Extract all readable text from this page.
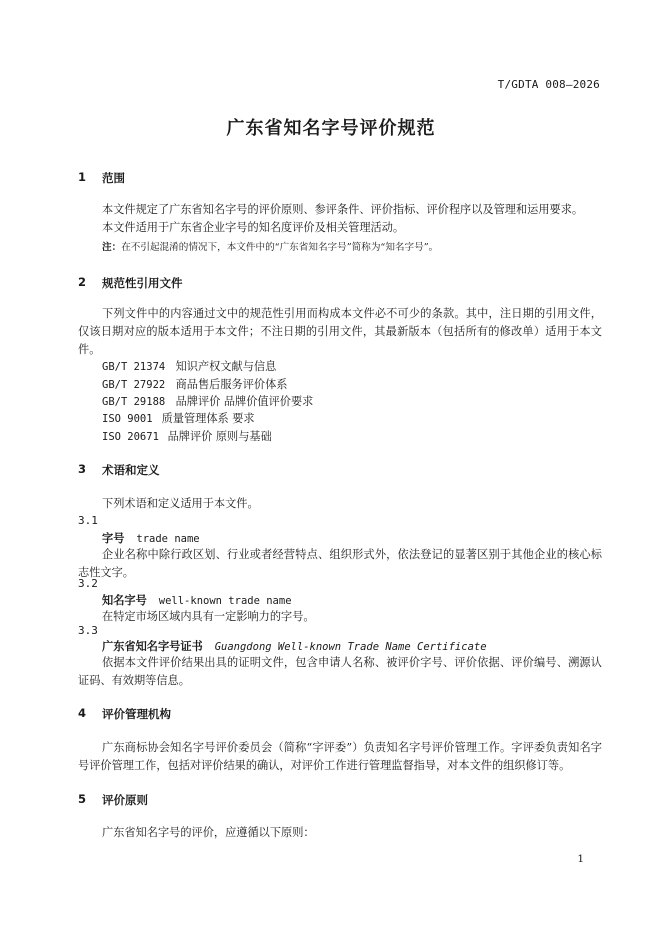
T/GDTA 008—2026
广东省知名字号评价规范
1 范围
本文件规定了广东省知名字号的评价原则、参评条件、评价指标、评价程序以及管理和运用要求。
本文件适用于广东省企业字号的知名度评价及相关管理活动。
注：在不引起混淆的情况下，本文件中的“广东省知名字号”简称为“知名字号”。
2 规范性引用文件
下列文件中的内容通过文中的规范性引用而构成本文件必不可少的条款。其中，注日期的引用文件，仅该日期对应的版本适用于本文件；不注日期的引用文件，其最新版本（包括所有的修改单）适用于本文件。
GB/T 21374 知识产权文献与信息
GB/T 27922 商品售后服务评价体系
GB/T 29188 品牌评价 品牌价值评价要求
ISO 9001 质量管理体系 要求
ISO 20671 品牌评价 原则与基础
3 术语和定义
下列术语和定义适用于本文件。
3.1
字号 trade name
企业名称中除行政区划、行业或者经营特点、组织形式外，依法登记的显著区别于其他企业的核心标志性文字。
3.2
知名字号 well-known trade name
在特定市场区域内具有一定影响力的字号。
3.3
广东省知名字号证书 Guangdong Well-known Trade Name Certificate
依据本文件评价结果出具的证明文件，包含申请人名称、被评价字号、评价依据、评价编号、溯源认证码、有效期等信息。
4 评价管理机构
广东商标协会知名字号评价委员会（简称“字评委”）负责知名字号评价管理工作。字评委负责知名字号评价管理工作，包括对评价结果的确认，对评价工作进行管理监督指导，对本文件的组织修订等。
5 评价原则
广东省知名字号的评价，应遵循以下原则：
1
